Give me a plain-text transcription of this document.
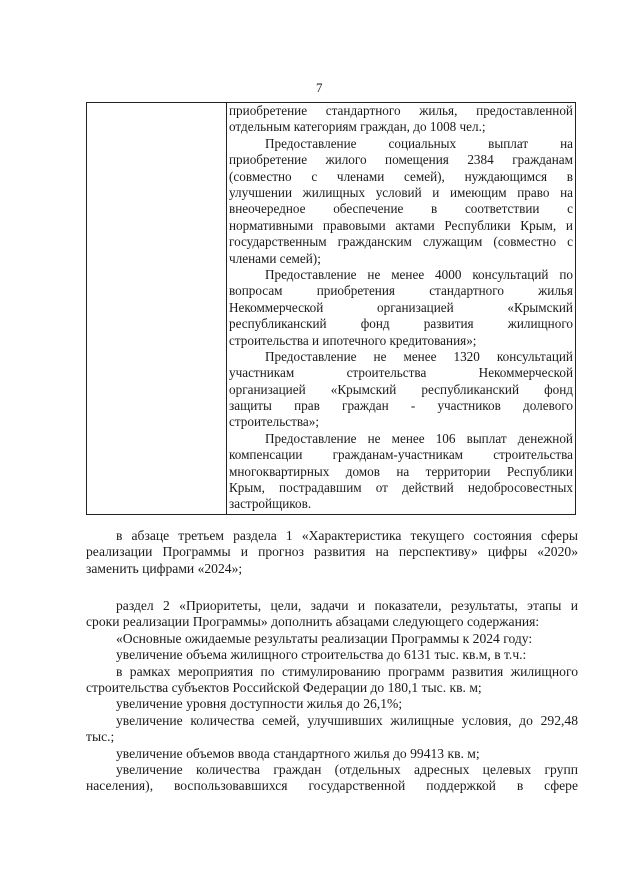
7
приобретение стандартного жилья, предоставленной
отдельным категориям граждан, до 1008 чел.;
Предоставление социальных выплат на
приобретение жилого помещения 2384 гражданам
(совместно с членами семей), нуждающимся в
улучшении жилищных условий и имеющим право на
внеочередное обеспечение в соответствии с
нормативными правовыми актами Республики Крым, и
государственным гражданским служащим (совместно с
членами семей);
Предоставление не менее 4000 консультаций по
вопросам приобретения стандартного жилья
Некоммерческой организацией «Крымский
республиканский фонд развития жилищного
строительства и ипотечного кредитования»;
Предоставление не менее 1320 консультаций
участникам строительства Некоммерческой
организацией «Крымский республиканский фонд
защиты прав граждан - участников долевого
строительства»;
Предоставление не менее 106 выплат денежной
компенсации гражданам-участникам строительства
многоквартирных домов на территории Республики
Крым, пострадавшим от действий недобросовестных
застройщиков.
в абзаце третьем раздела 1 «Характеристика текущего состояния сферы
реализации Программы и прогноз развития на перспективу» цифры «2020»
заменить цифрами «2024»;
раздел 2 «Приоритеты, цели, задачи и показатели, результаты, этапы и
сроки реализации Программы» дополнить абзацами следующего содержания:
«Основные ожидаемые результаты реализации Программы к 2024 году:
увеличение объема жилищного строительства до 6131 тыс. кв.м, в т.ч.:
в рамках мероприятия по стимулированию программ развития жилищного
строительства субъектов Российской Федерации до 180,1 тыс. кв. м;
увеличение уровня доступности жилья до 26,1%;
увеличение количества семей, улучшивших жилищные условия, до 292,48
тыс.;
увеличение объемов ввода стандартного жилья до 99413 кв. м;
увеличение количества граждан (отдельных адресных целевых групп
населения), воспользовавшихся государственной поддержкой в сфере
